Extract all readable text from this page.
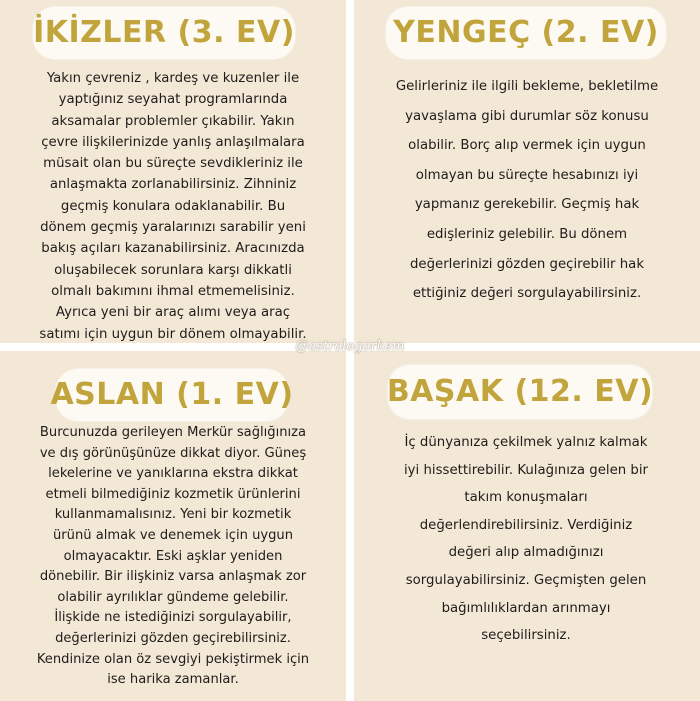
İKİZLER (3. EV)

Yakın çevreniz , kardeş ve kuzenler ile
yaptığınız seyahat programlarında
aksamalar problemler çıkabilir. Yakın
çevre ilişkilerinizde yanlış anlaşılmalara
müsait olan bu süreçte sevdikleriniz ile
anlaşmakta zorlanabilirsiniz. Zihniniz
geçmiş konulara odaklanabilir. Bu
dönem geçmiş yaralarınızı sarabilir yeni
bakış açıları kazanabilirsiniz. Aracınızda
oluşabilecek sorunlara karşı dikkatli
olmalı bakımını ihmal etmemelisiniz.
Ayrıca yeni bir araç alımı veya araç
satımı için uygun bir dönem olmayabilir.

YENGEÇ (2. EV)

Gelirleriniz ile ilgili bekleme, bekletilme
yavaşlama gibi durumlar söz konusu
olabilir. Borç alıp vermek için uygun
olmayan bu süreçte hesabınızı iyi
yapmanız gerekebilir. Geçmiş hak
edişleriniz gelebilir. Bu dönem
değerlerinizi gözden geçirebilir hak
ettiğiniz değeri sorgulayabilirsiniz.

ASLAN (1. EV)

Burcunuzda gerileyen Merkür sağlığınıza
ve dış görünüşünüze dikkat diyor. Güneş
lekelerine ve yanıklarına ekstra dikkat
etmeli bilmediğiniz kozmetik ürünlerini
kullanmamalısınız. Yeni bir kozmetik
ürünü almak ve denemek için uygun
olmayacaktır. Eski aşklar yeniden
dönebilir. Bir ilişkiniz varsa anlaşmak zor
olabilir ayrılıklar gündeme gelebilir.
İlişkide ne istediğinizi sorgulayabilir,
değerlerinizi gözden geçirebilirsiniz.
Kendinize olan öz sevgiyi pekiştirmek için
ise harika zamanlar.

BAŞAK (12. EV)

İç dünyanıza çekilmek yalnız kalmak
iyi hissettirebilir. Kulağınıza gelen bir
takım konuşmaları
değerlendirebilirsiniz. Verdiğiniz
değeri alıp almadığınızı
sorgulayabilirsiniz. Geçmişten gelen
bağımlılıklardan arınmayı
seçebilirsiniz.

@astrologorkem
